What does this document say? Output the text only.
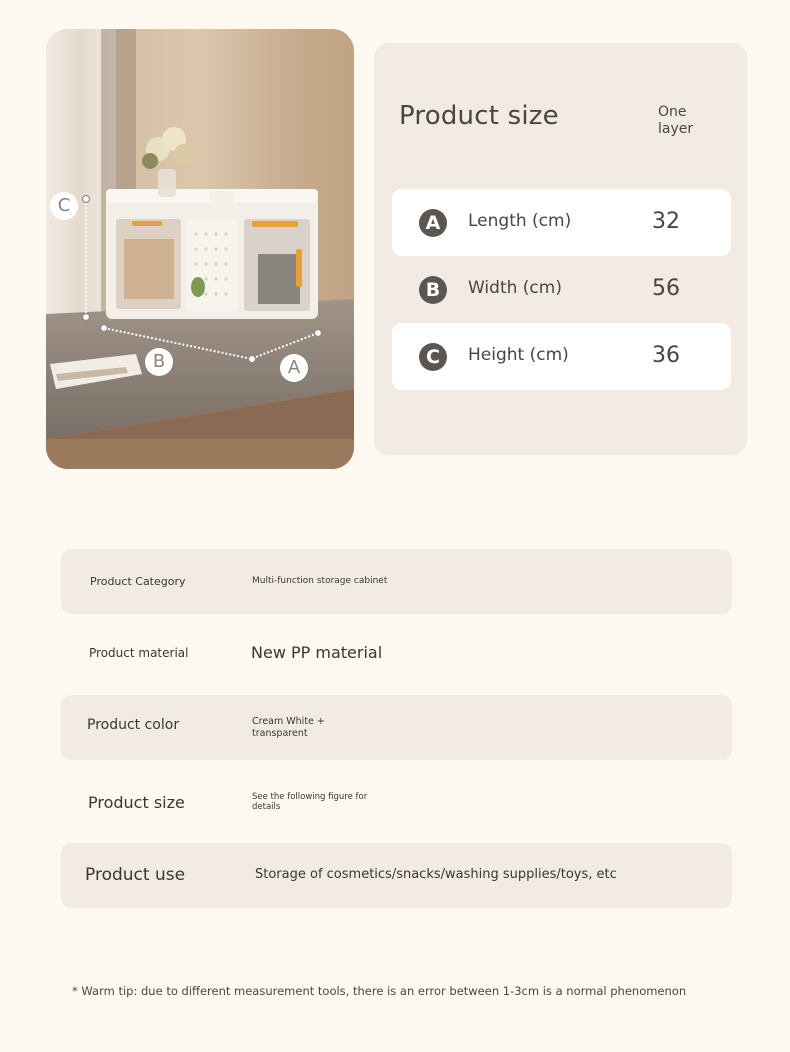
C
B	A
Product size	One layer
A	Length (cm)	32
B	Width (cm)	56
C	Height (cm)	36
Product Category	Multi-function storage cabinet
Product material	New PP material
Product color	Cream White + transparent
Product size	See the following figure for details
Product use	Storage of cosmetics/snacks/washing supplies/toys, etc
* Warm tip: due to different measurement tools, there is an error between 1-3cm is a normal phenomenon
